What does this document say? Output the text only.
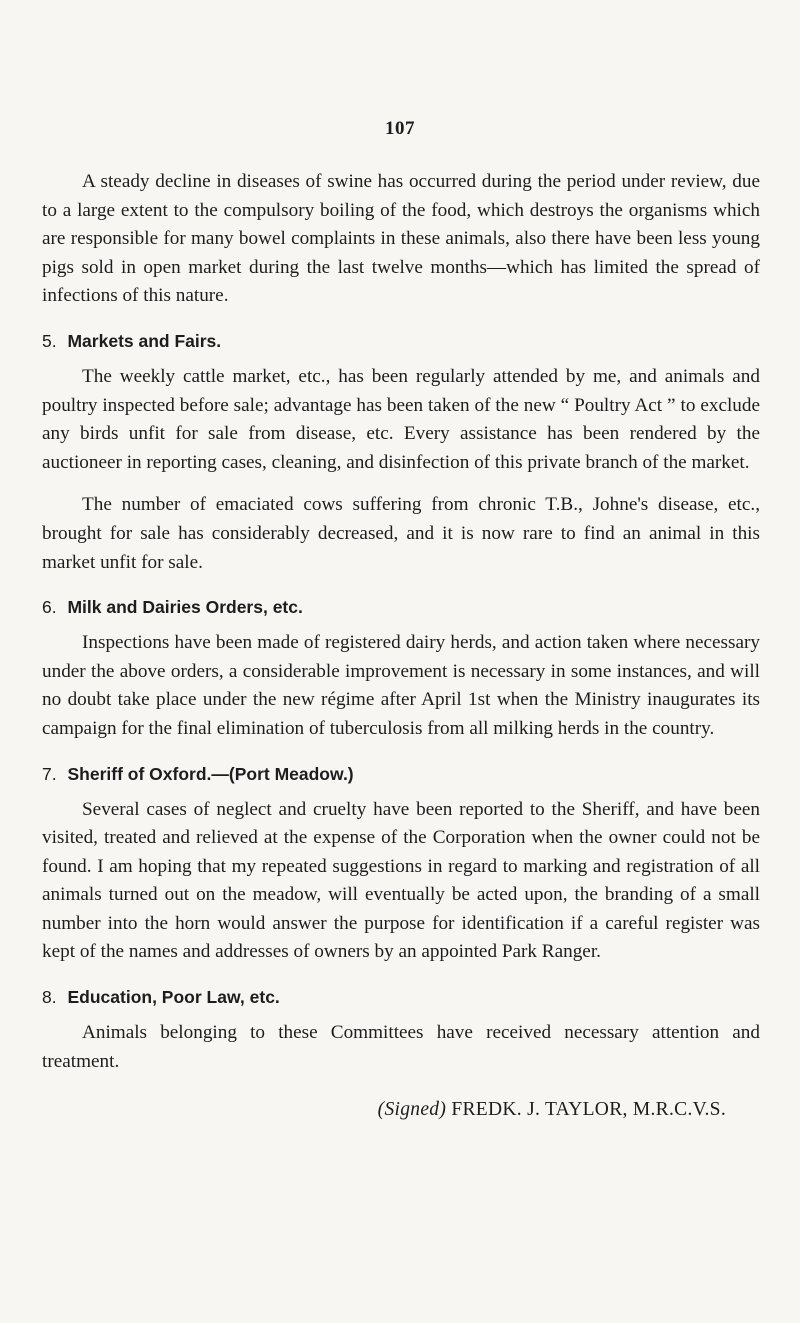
107

A steady decline in diseases of swine has occurred during the period under review, due to a large extent to the compulsory boiling of the food, which destroys the organisms which are responsible for many bowel complaints in these animals, also there have been less young pigs sold in open market during the last twelve months—which has limited the spread of infections of this nature.

5. Markets and Fairs.

The weekly cattle market, etc., has been regularly attended by me, and animals and poultry inspected before sale; advantage has been taken of the new “ Poultry Act ” to exclude any birds unfit for sale from disease, etc. Every assistance has been rendered by the auctioneer in reporting cases, cleaning, and disinfection of this private branch of the market.

The number of emaciated cows suffering from chronic T.B., Johne's disease, etc., brought for sale has considerably decreased, and it is now rare to find an animal in this market unfit for sale.

6. Milk and Dairies Orders, etc.

Inspections have been made of registered dairy herds, and action taken where necessary under the above orders, a considerable improvement is necessary in some instances, and will no doubt take place under the new régime after April 1st when the Ministry inaugurates its campaign for the final elimination of tuberculosis from all milking herds in the country.

7. Sheriff of Oxford.—(Port Meadow.)

Several cases of neglect and cruelty have been reported to the Sheriff, and have been visited, treated and relieved at the expense of the Corporation when the owner could not be found. I am hoping that my repeated suggestions in regard to marking and registration of all animals turned out on the meadow, will eventually be acted upon, the branding of a small number into the horn would answer the purpose for identification if a careful register was kept of the names and addresses of owners by an appointed Park Ranger.

8. Education, Poor Law, etc.

Animals belonging to these Committees have received necessary attention and treatment.

(Signed) FREDK. J. TAYLOR, M.R.C.V.S.
